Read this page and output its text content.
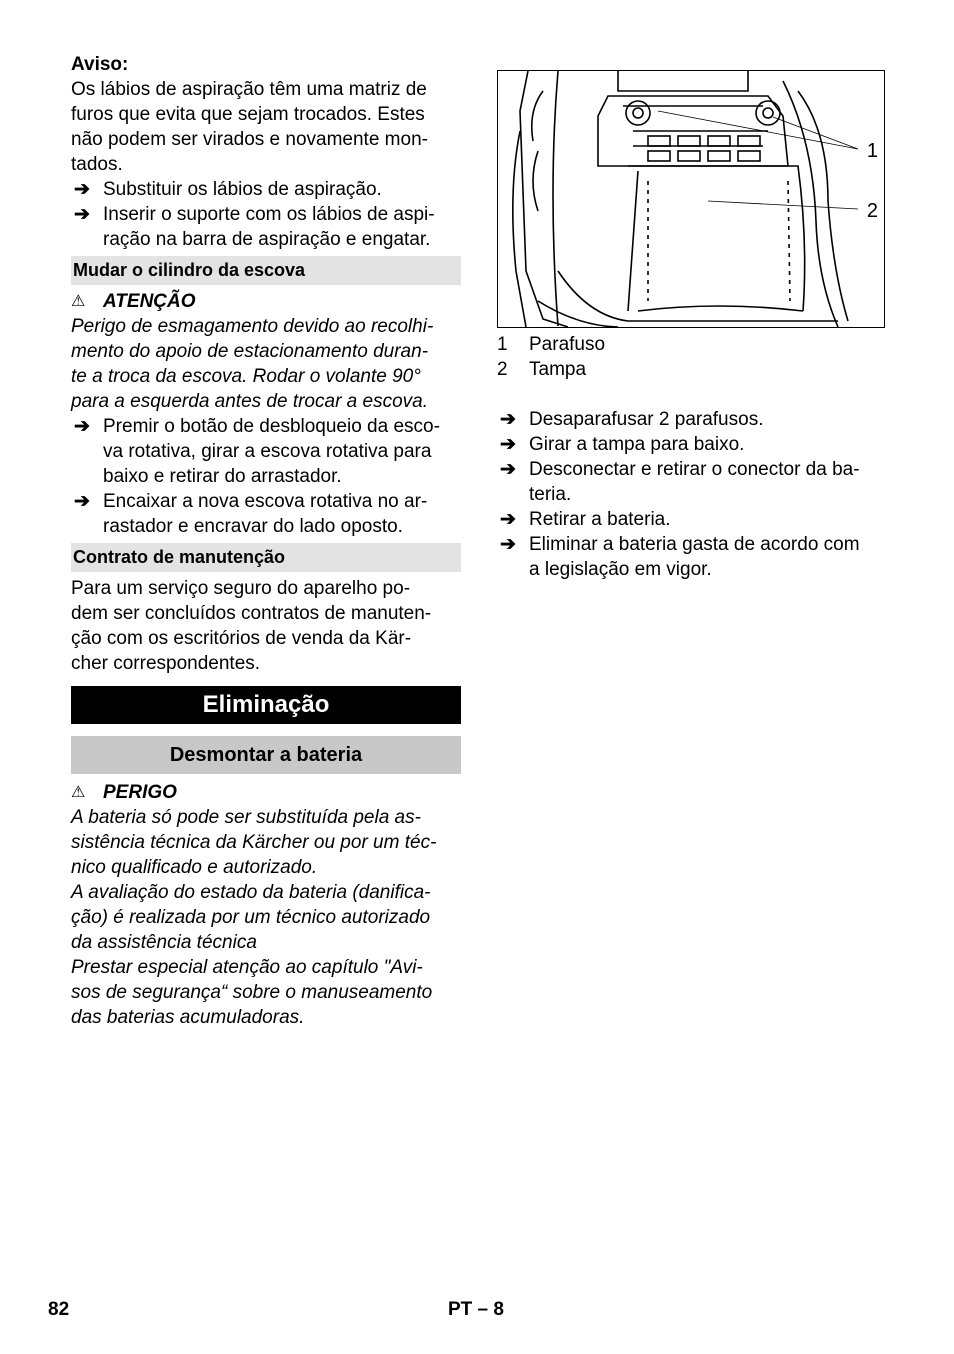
Aviso:

Os lábios de aspiração têm uma matriz de

furos que evita que sejam trocados. Estes

não podem ser virados e novamente mon-

tados.

➔ Substituir os lábios de aspiração.

➔ Inserir o suporte com os lábios de aspi-

ração na barra de aspiração e engatar.

Mudar o cilindro da escova
⚠ ATENÇÃO

Perigo de esmagamento devido ao recolhi-

mento do apoio de estacionamento duran-

te a troca da escova. Rodar o volante 90°

para a esquerda antes de trocar a escova.

➔ Premir o botão de desbloqueio da esco-

va rotativa, girar a escova rotativa para

baixo e retirar do arrastador.

➔ Encaixar a nova escova rotativa no ar-

rastador e encravar do lado oposto.

Contrato de manutenção

Para um serviço seguro do aparelho po-

dem ser concluídos contratos de manuten-

ção com os escritórios de venda da Kär-

cher correspondentes.

Eliminação
Desmontar a bateria
⚠ PERIGO

A bateria só pode ser substituída pela as-

sistência técnica da Kärcher ou por um téc-

nico qualificado e autorizado.

A avaliação do estado da bateria (danifica-

ção) é realizada por um técnico autorizado

da assistência técnica

Prestar especial atenção ao capítulo "Avi-

sos de segurança“ sobre o manuseamento

das baterias acumuladoras.

1
2
1 Parafuso
2 Tampa
➔ Desaparafusar 2 parafusos.

➔ Girar a tampa para baixo.

➔ Desconectar e retirar o conector da ba-

teria.

➔ Retirar a bateria.

➔ Eliminar a bateria gasta de acordo com

a legislação em vigor.

82	PT – 8
